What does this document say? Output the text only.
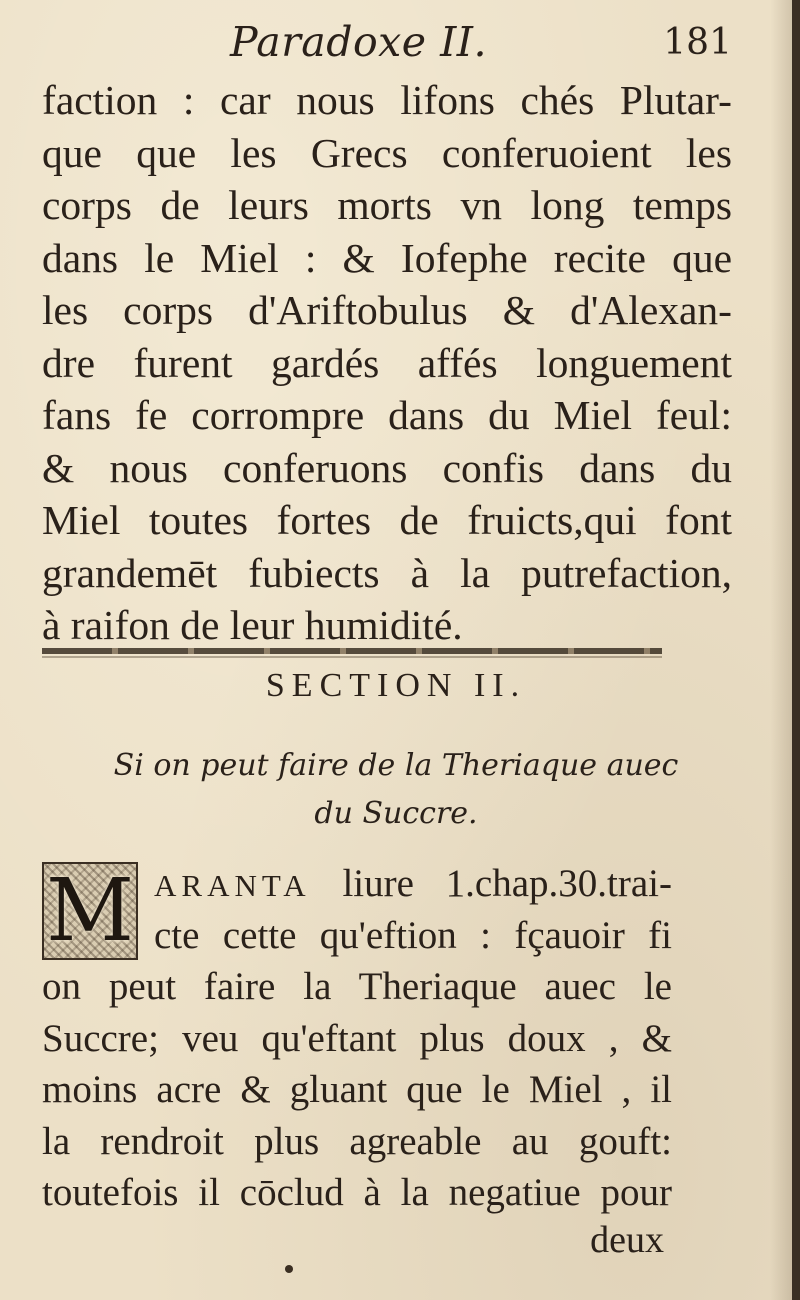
Paradoxe II.	181
faction : car nous lifons chés Plutar-
que que les Grecs conferuoient les
corps de leurs morts vn long temps
dans le Miel : & Iofephe recite que
les corps d'Ariftobulus & d'Alexan-
dre furent gardés affés longuement
fans fe corrompre dans du Miel feul:
& nous conferuons confis dans du
Miel toutes fortes de fruicts,qui font
grandemēt fubiects à la putrefaction,
à raifon de leur humidité.
SECTION II.
Si on peut faire de la Theriaque auec
du Succre.
M ARANTA liure 1.chap.30.trai-
cte cette qu'eftion : fçauoir fi
on peut faire la Theriaque auec le
Succre; veu qu'eftant plus doux , &
moins acre & gluant que le Miel , il
la rendroit plus agreable au gouft:
toutefois il cōclud à la negatiue pour
deux
